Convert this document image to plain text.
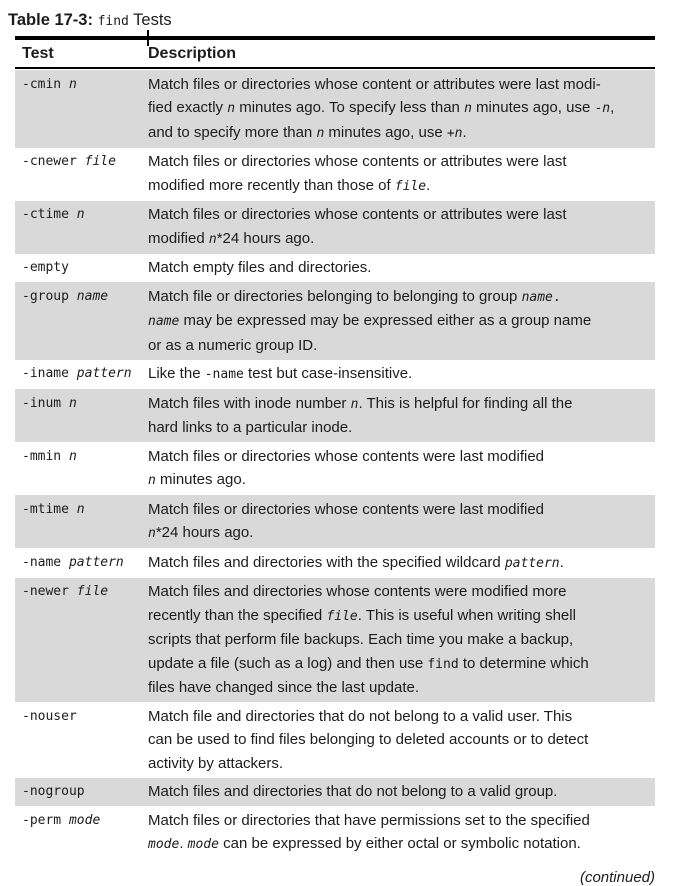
Table 17-3: find Tests
Test	Description
-cmin n	Match files or directories whose content or attributes were last modi-
fied exactly n minutes ago. To specify less than n minutes ago, use -n,
and to specify more than n minutes ago, use +n.
-cnewer file	Match files or directories whose contents or attributes were last
modified more recently than those of file.
-ctime n	Match files or directories whose contents or attributes were last
modified n*24 hours ago.
-empty	Match empty files and directories.
-group name	Match file or directories belonging to belonging to group name.
name may be expressed may be expressed either as a group name
or as a numeric group ID.
-iname pattern	Like the -name test but case-insensitive.
-inum n	Match files with inode number n. This is helpful for finding all the
hard links to a particular inode.
-mmin n	Match files or directories whose contents were last modified
n minutes ago.
-mtime n	Match files or directories whose contents were last modified
n*24 hours ago.
-name pattern	Match files and directories with the specified wildcard pattern.
-newer file	Match files and directories whose contents were modified more
recently than the specified file. This is useful when writing shell
scripts that perform file backups. Each time you make a backup,
update a file (such as a log) and then use find to determine which
files have changed since the last update.
-nouser	Match file and directories that do not belong to a valid user. This
can be used to find files belonging to deleted accounts or to detect
activity by attackers.
-nogroup	Match files and directories that do not belong to a valid group.
-perm mode	Match files or directories that have permissions set to the specified
mode. mode can be expressed by either octal or symbolic notation.
(continued)
